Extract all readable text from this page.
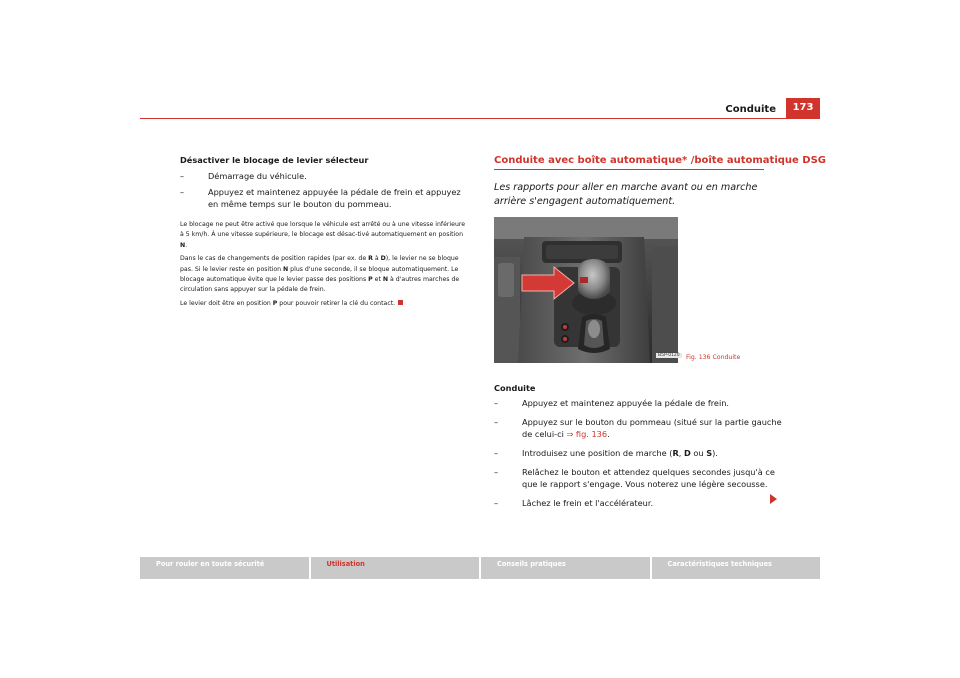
Conduite	173
Désactiver le blocage de levier sélecteur
–	Démarrage du véhicule.
–	Appuyez et maintenez appuyée la pédale de frein et appuyez en même temps sur le bouton du pommeau.

Le blocage ne peut être activé que lorsque le véhicule est arrêté ou à une vitesse inférieure à 5 km/h. À une vitesse supérieure, le blocage est désac-tivé automatiquement en position N.

Dans le cas de changements de position rapides (par ex. de R à D), le levier ne se bloque pas. Si le levier reste en position N plus d'une seconde, il se bloque automatiquement. Le blocage automatique évite que le levier passe des positions P et N à d'autres marches de circulation sans appuyer sur la pédale de frein.

Le levier doit être en position P pour pouvoir retirer la clé du contact.

Conduite avec boîte automatique* /boîte automatique DSG

Les rapports pour aller en marche avant ou en marche arrière s'engagent automatiquement.

B5P-0120	Fig. 136 Conduite
Conduite
–	Appuyez et maintenez appuyée la pédale de frein.
–	Appuyez sur le bouton du pommeau (situé sur la partie gauche de celui-ci ⇒ fig. 136.
–	Introduisez une position de marche (R, D ou S).
–	Relâchez le bouton et attendez quelques secondes jusqu'à ce que le rapport s'engage. Vous noterez une légère secousse.
–	Lâchez le frein et l'accélérateur.
Pour rouler en toute sécurité	Utilisation	Conseils pratiques	Caractéristiques techniques
